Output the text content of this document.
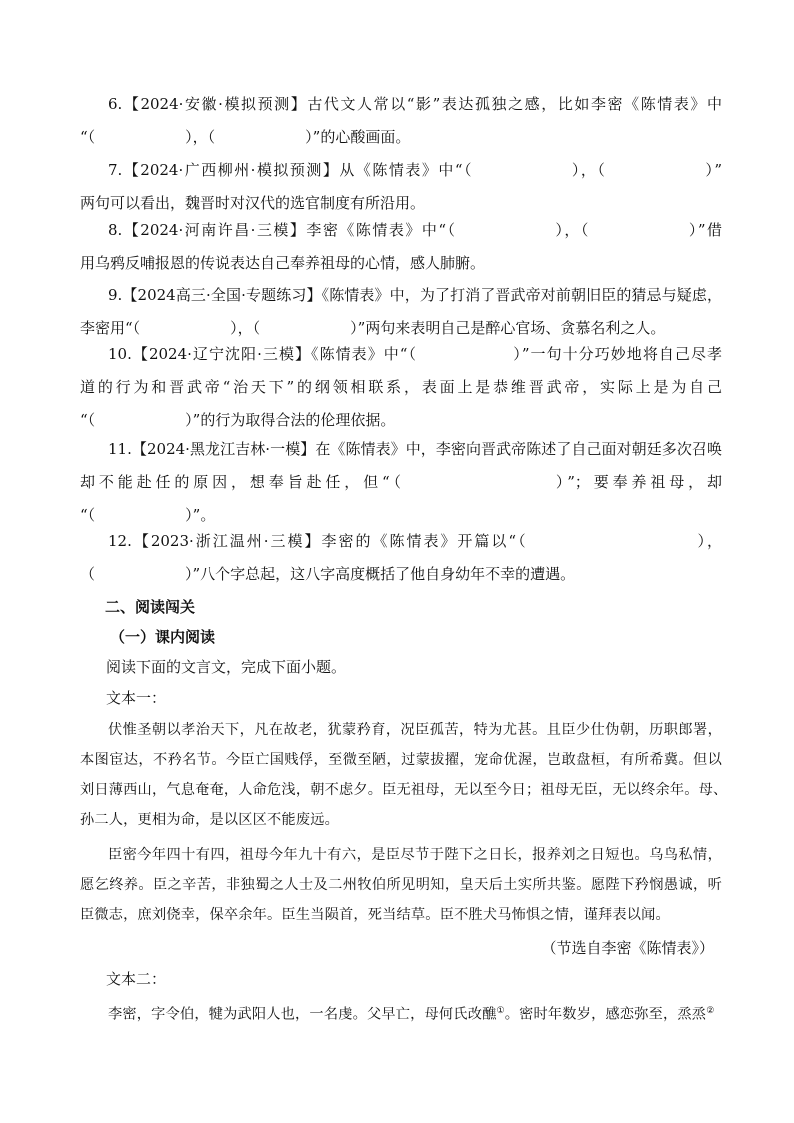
6.【2024·安徽·模拟预测】古代文人常以“影”表达孤独之感，比如李密《陈情表》中
“（　　　　　　），（　　　　　　）”的心酸画面。
7.【2024·广西柳州·模拟预测】从《陈情表》中“（　　　　　　），（　　　　　　）”
两句可以看出，魏晋时对汉代的选官制度有所沿用。
8.【2024·河南许昌·三模】李密《陈情表》中“（　　　　　　），（　　　　　　）”借
用乌鸦反哺报恩的传说表达自己奉养祖母的心情，感人肺腑。
9.【2024高三·全国·专题练习】《陈情表》中，为了打消了晋武帝对前朝旧臣的猜忌与疑虑，
李密用“（　　　　　　），（　　　　　　）”两句来表明自己是醉心官场、贪慕名利之人。
10.【2024·辽宁沈阳·三模】《陈情表》中“（　　　　　　）”一句十分巧妙地将自己尽孝
道的行为和晋武帝“治天下”的纲领相联系，表面上是恭维晋武帝，实际上是为自己
“（　　　　　　）”的行为取得合法的伦理依据。
11.【2024·黑龙江吉林·一模】在《陈情表》中，李密向晋武帝陈述了自己面对朝廷多次召唤
却不能赴任的原因，想奉旨赴任，但“（　　　　　　　　）”；要奉养祖母，却
“（　　　　　　）”。
12.【2023·浙江温州·三模】李密的《陈情表》开篇以“（　　　　　　　　　　），
（　　　　　　）”八个字总起，这八字高度概括了他自身幼年不幸的遭遇。
二、阅读闯关
（一）课内阅读
阅读下面的文言文，完成下面小题。
文本一：
伏惟圣朝以孝治天下，凡在故老，犹蒙矜育，况臣孤苦，特为尤甚。且臣少仕伪朝，历职郎署，
本图宦达，不矜名节。今臣亡国贱俘，至微至陋，过蒙拔擢，宠命优渥，岂敢盘桓，有所希冀。但以
刘日薄西山，气息奄奄，人命危浅，朝不虑夕。臣无祖母，无以至今日；祖母无臣，无以终余年。母、
孙二人，更相为命，是以区区不能废远。
臣密今年四十有四，祖母今年九十有六，是臣尽节于陛下之日长，报养刘之日短也。乌鸟私情，
愿乞终养。臣之辛苦，非独蜀之人士及二州牧伯所见明知，皇天后土实所共鉴。愿陛下矜悯愚诚，听
臣微志，庶刘侥幸，保卒余年。臣生当陨首，死当结草。臣不胜犬马怖惧之情，谨拜表以闻。
（节选自李密《陈情表》）
文本二：
李密，字令伯，犍为武阳人也，一名虔。父早亡，母何氏改醮①。密时年数岁，感恋弥至，烝烝②
